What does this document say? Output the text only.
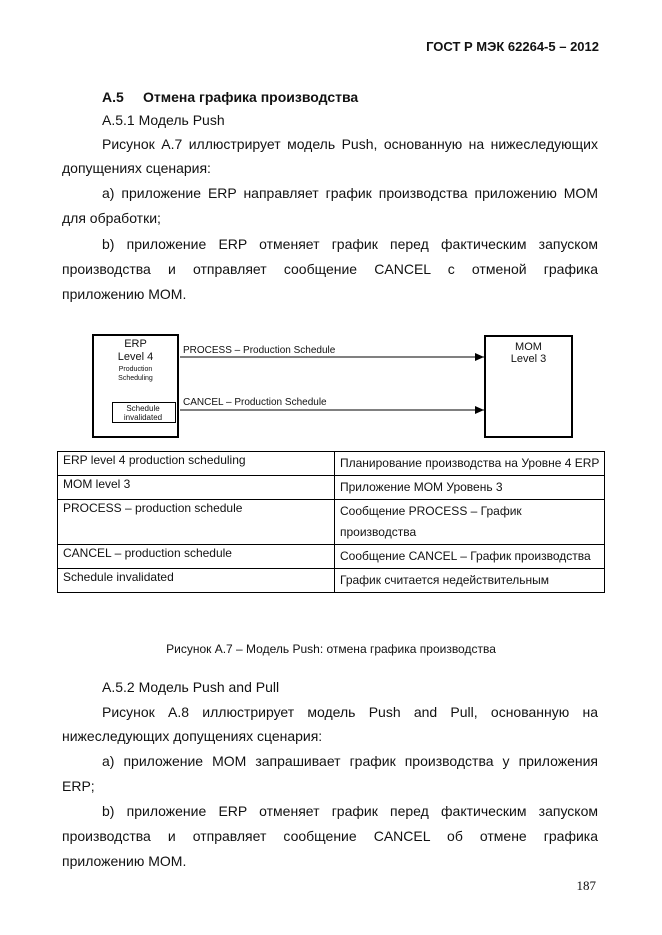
ГОСТ Р МЭК 62264-5 – 2012
А.5 Отмена графика производства
А.5.1 Модель Push
Рисунок А.7 иллюстрирует модель Push, основанную на нижеследующих
допущениях сценария:
а) приложение ERP направляет график производства приложению МОМ
для обработки;
b) приложение ERP отменяет график перед фактическим запуском
производства и отправляет сообщение CANCEL с отменой графика
приложению МОМ.
ERP
Level 4
Production
Scheduling
Schedule
invalidated
MOM
Level 3
PROCESS – Production Schedule
CANCEL – Production Schedule
ERP level 4 production scheduling	Планирование производства на Уровне 4 ERP
MOM level 3	Приложение МОМ Уровень 3
PROCESS – production schedule	Сообщение PROCESS – График производства
CANCEL – production schedule	Сообщение CANCEL – График производства
Schedule invalidated	График считается недействительным
Рисунок А.7 – Модель Push: отмена графика производства
А.5.2 Модель Push and Pull
Рисунок А.8 иллюстрирует модель Push and Pull, основанную на
нижеследующих допущениях сценария:
а) приложение МОМ запрашивает график производства у приложения
ERP;
b) приложение ERP отменяет график перед фактическим запуском
производства и отправляет сообщение CANCEL об отмене графика
приложению МОМ.
187
